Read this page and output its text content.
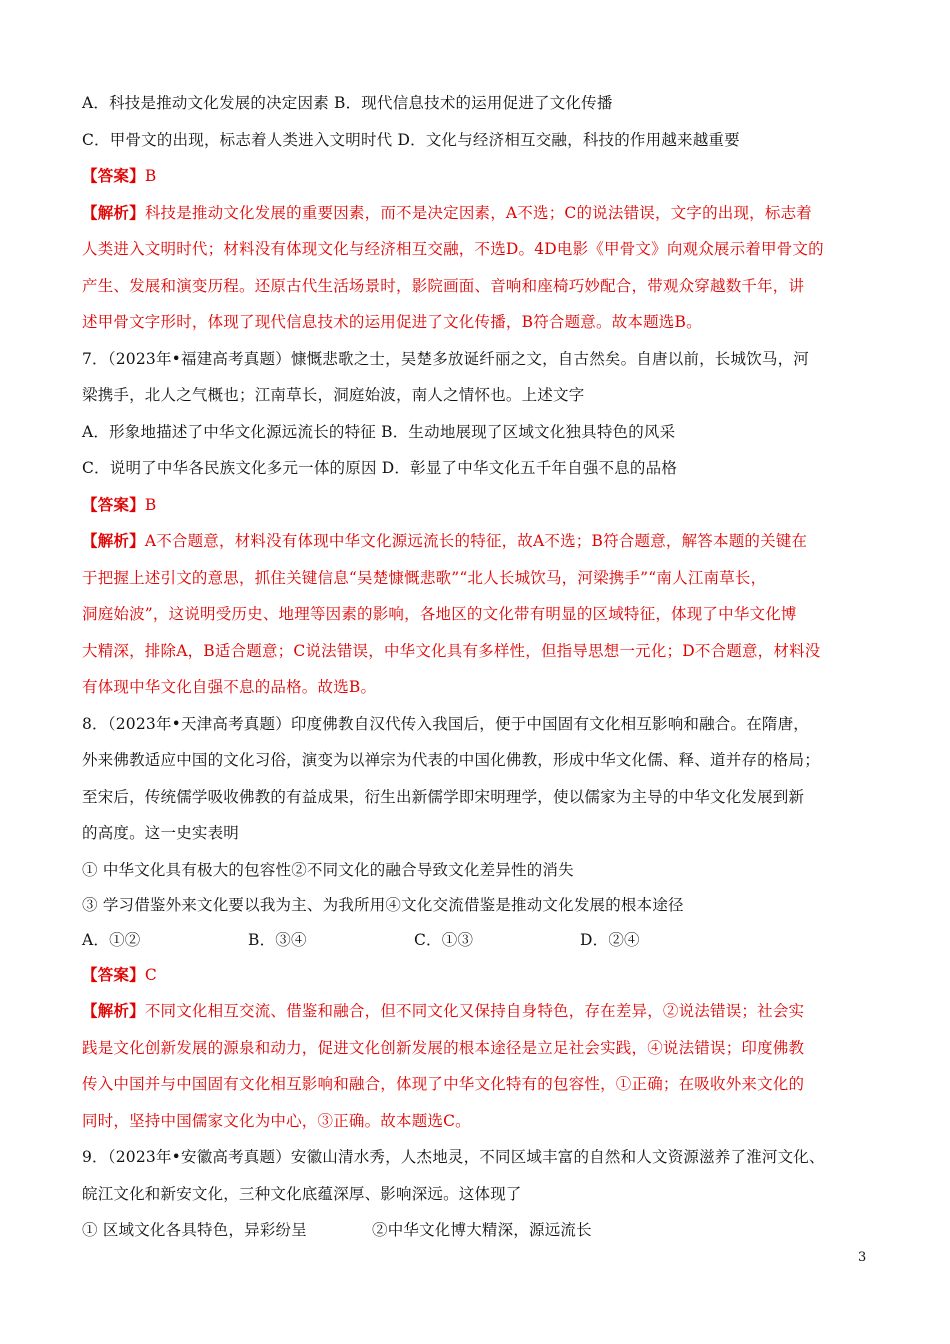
A．科技是推动文化发展的决定因素 B．现代信息技术的运用促进了文化传播

C．甲骨文的出现，标志着人类进入文明时代 D．文化与经济相互交融，科技的作用越来越重要

【答案】B

【解析】科技是推动文化发展的重要因素，而不是决定因素，A不选；C的说法错误，文字的出现，标志着

人类进入文明时代；材料没有体现文化与经济相互交融，不选D。4D电影《甲骨文》向观众展示着甲骨文的

产生、发展和演变历程。还原古代生活场景时，影院画面、音响和座椅巧妙配合，带观众穿越数千年，讲

述甲骨文字形时，体现了现代信息技术的运用促进了文化传播，B符合题意。故本题选B。

7．（2023年•福建高考真题）慷慨悲歌之士，吴楚多放诞纤丽之文，自古然矣。自唐以前，长城饮马，河

梁携手，北人之气概也；江南草长，洞庭始波，南人之情怀也。上述文字

A．形象地描述了中华文化源远流长的特征 B．生动地展现了区域文化独具特色的风采

C．说明了中华各民族文化多元一体的原因 D．彰显了中华文化五千年自强不息的品格

【答案】B

【解析】A不合题意，材料没有体现中华文化源远流长的特征，故A不选；B符合题意，解答本题的关键在

于把握上述引文的意思，抓住关键信息“吴楚慷慨悲歌”“北人长城饮马，河梁携手”“南人江南草长，

洞庭始波”，这说明受历史、地理等因素的影响，各地区的文化带有明显的区域特征，体现了中华文化博

大精深，排除A，B适合题意；C说法错误，中华文化具有多样性，但指导思想一元化；D不合题意，材料没

有体现中华文化自强不息的品格。故选B。

8．（2023年•天津高考真题）印度佛教自汉代传入我国后，便于中国固有文化相互影响和融合。在隋唐，

外来佛教适应中国的文化习俗，演变为以禅宗为代表的中国化佛教，形成中华文化儒、释、道并存的格局；

至宋后，传统儒学吸收佛教的有益成果，衍生出新儒学即宋明理学，使以儒家为主导的中华文化发展到新

的高度。这一史实表明

① 中华文化具有极大的包容性②不同文化的融合导致文化差异性的消失

③ 学习借鉴外来文化要以我为主、为我所用④文化交流借鉴是推动文化发展的根本途径

A．①②	B．③④	C．①③	D．②④

【答案】C

【解析】不同文化相互交流、借鉴和融合，但不同文化又保持自身特色，存在差异，②说法错误；社会实

践是文化创新发展的源泉和动力，促进文化创新发展的根本途径是立足社会实践，④说法错误；印度佛教

传入中国并与中国固有文化相互影响和融合，体现了中华文化特有的包容性，①正确；在吸收外来文化的

同时，坚持中国儒家文化为中心，③正确。故本题选C。

9．（2023年•安徽高考真题）安徽山清水秀，人杰地灵，不同区域丰富的自然和人文资源滋养了淮河文化、

皖江文化和新安文化，三种文化底蕴深厚、影响深远。这体现了

① 区域文化各具特色，异彩纷呈	②中华文化博大精深，源远流长

3
